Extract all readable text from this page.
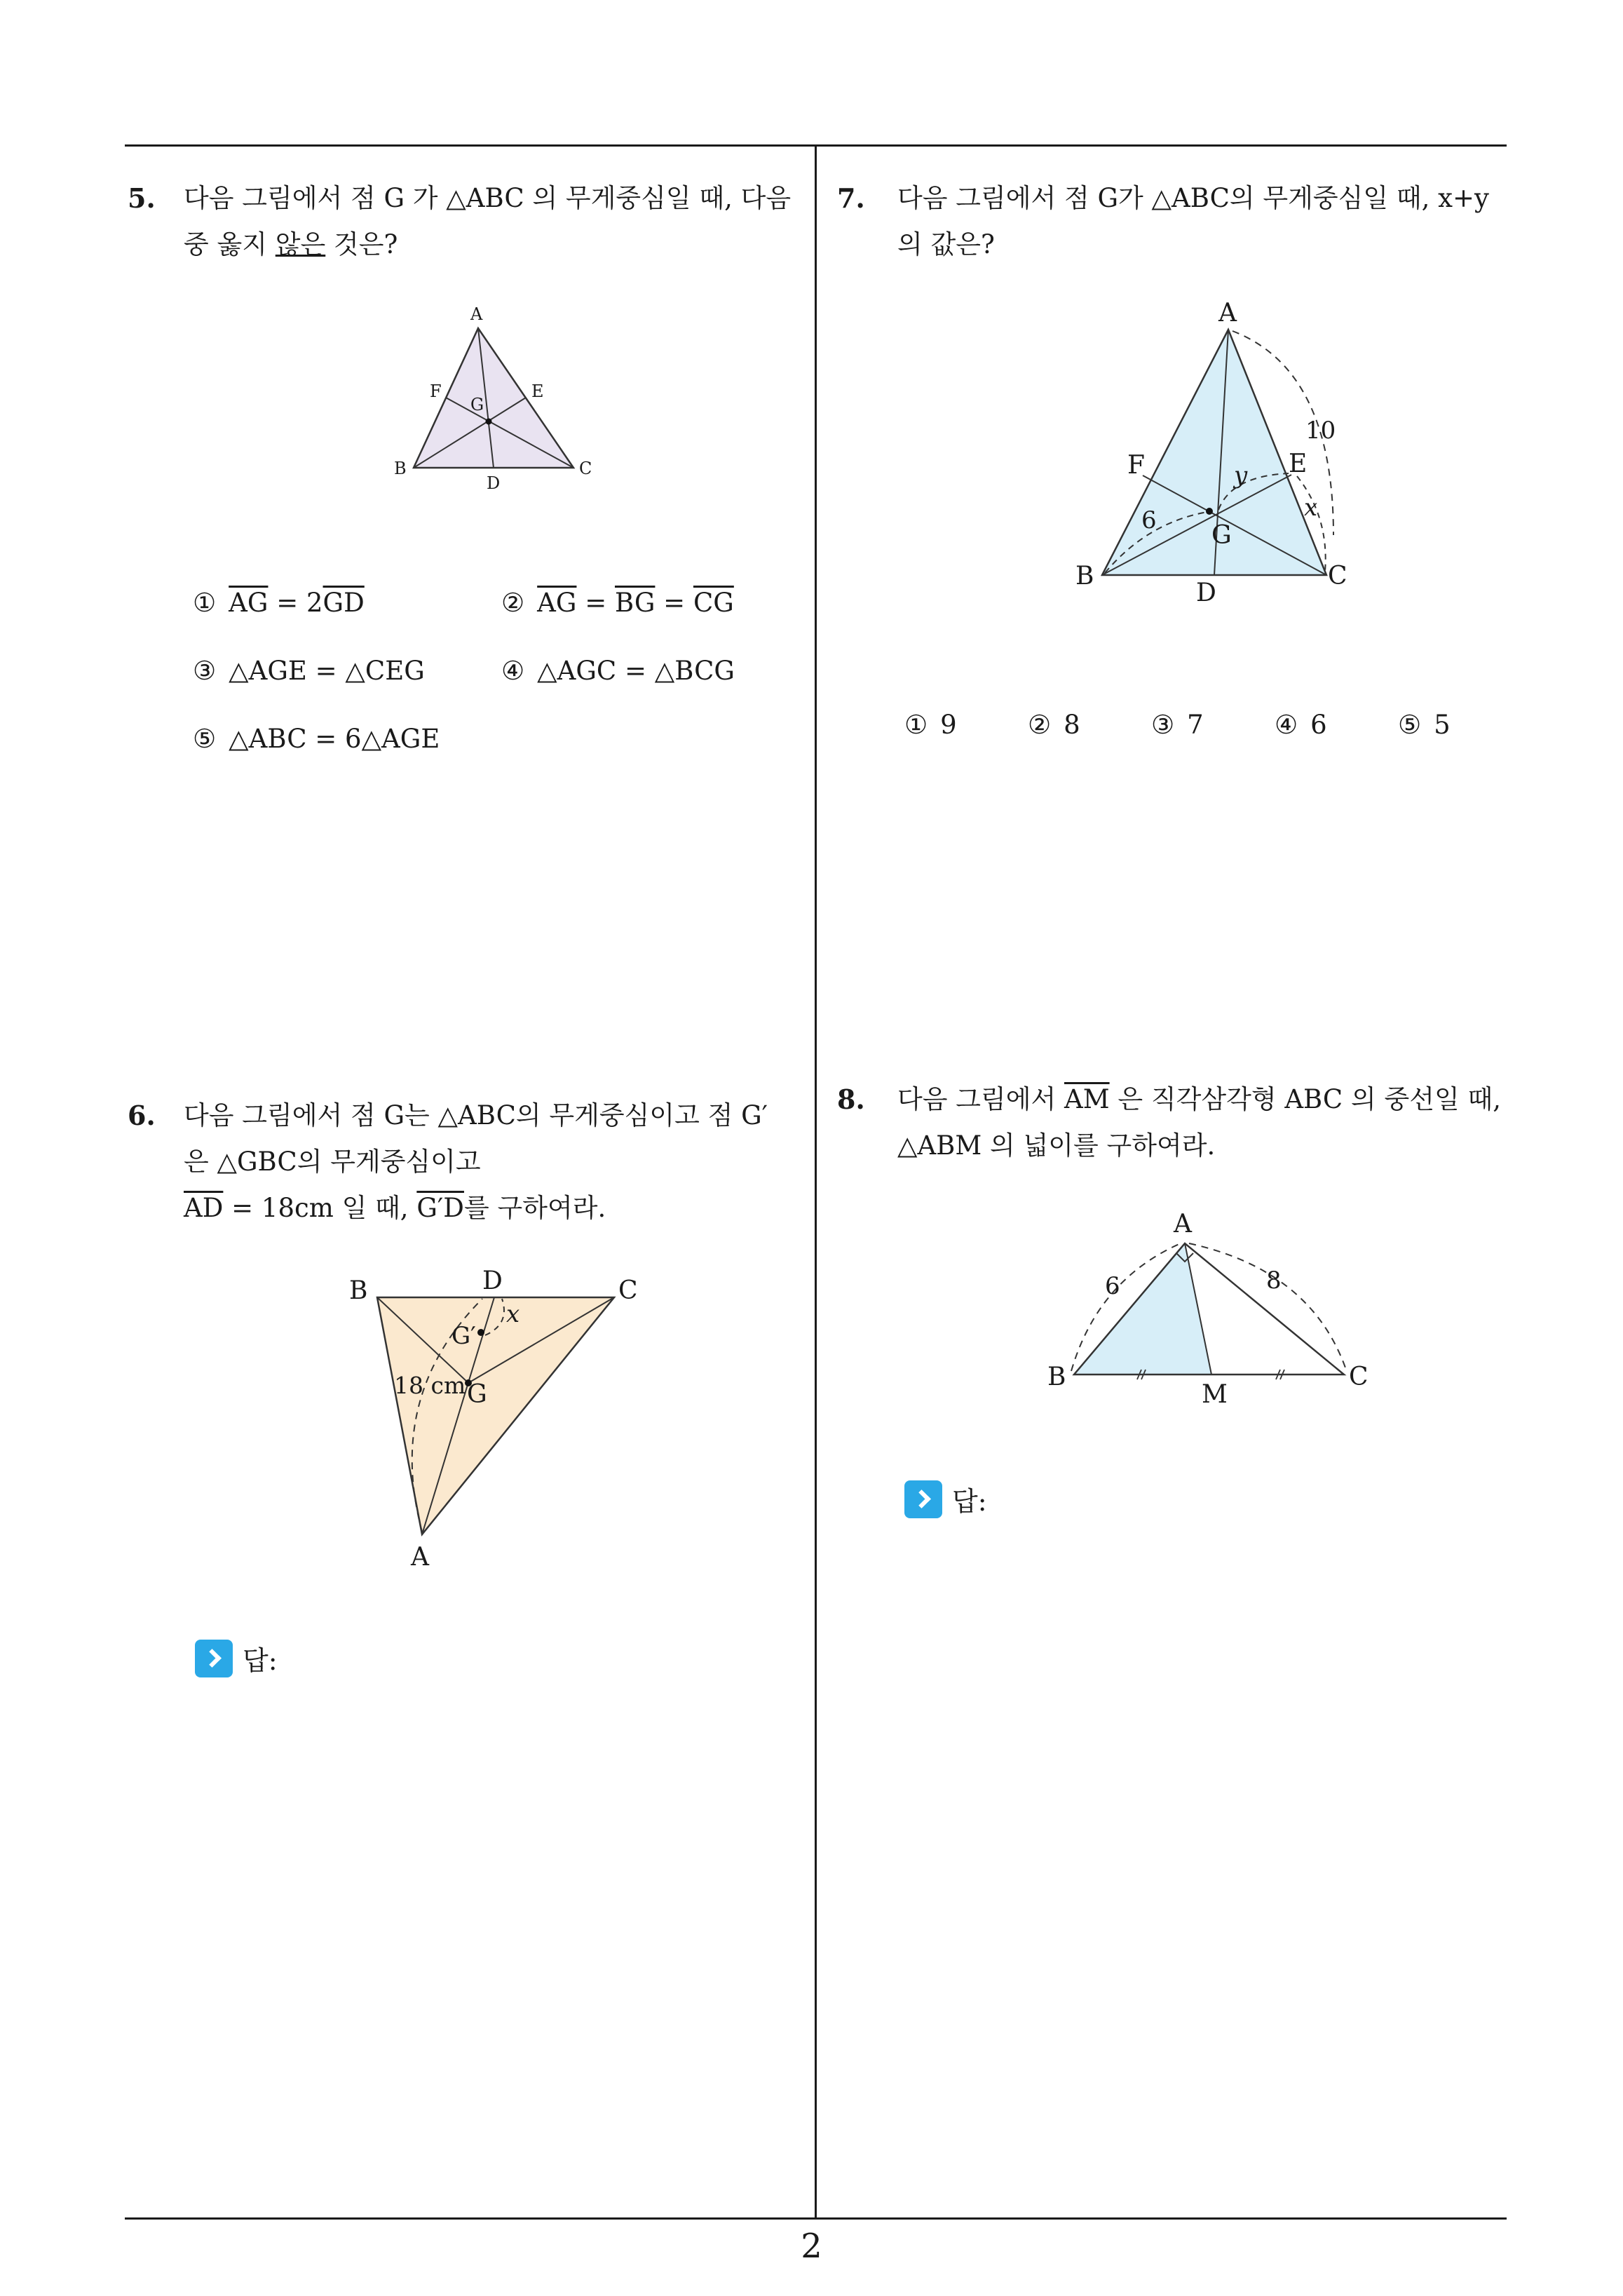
5. 다음 그림에서 점 G 가 △ABC 의 무게중심일 때, 다음
중 옳지 않은 것은?
A
B	C
D
E
F
G
① $\overline{AG} = 2\overline{GD}$	② $\overline{AG} = \overline{BG} = \overline{CG}$
③ △AGE = △CEG	④ △AGC = △BCG
⑤ △ABC = 6△AGE
6. 다음 그림에서 점 G는 △ABC의 무게중심이고 점 G′
은 △GBC의 무게중심이고
$\overline{AD} = 18cm$ 일 때, G′D를 구하여라.
B	D	C
G′
x
18 cm G
A
답:
7. 다음 그림에서 점 G가 △ABC의 무게중심일 때, x+y
의 값은?
A
F	E
10
y
x
6
G
B
D
C
① 9	② 8	③ 7	④ 6	⑤ 5
8. 다음 그림에서 $\overline{AM}$ 은 직각삼각형 ABC 의 중선일 때,
△ABM 의 넓이를 구하여라.
A
6	8
B
M
C
답:
2
